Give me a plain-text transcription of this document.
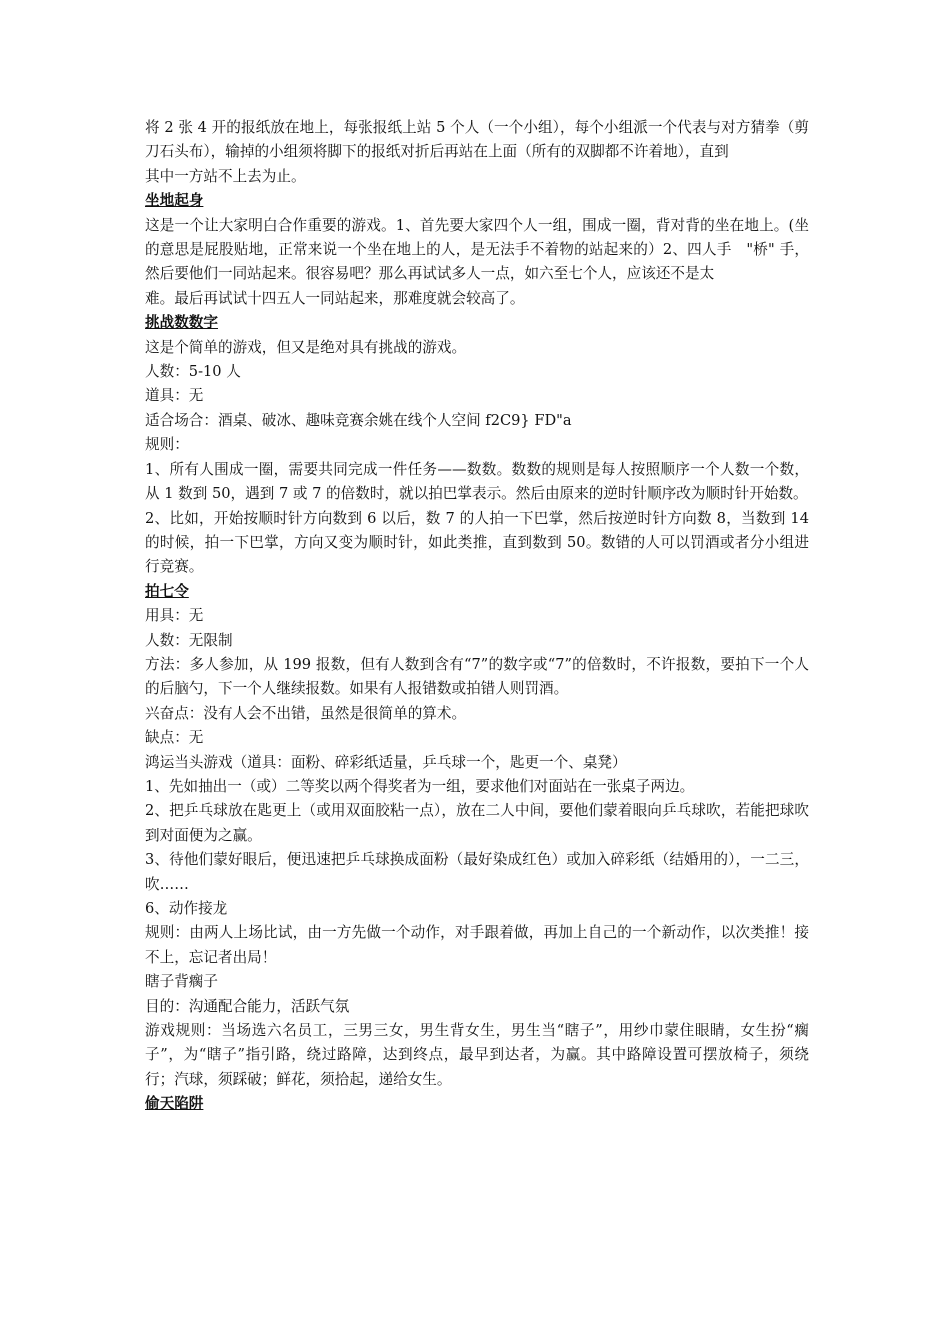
将 2 张 4 开的报纸放在地上，每张报纸上站 5 个人（一个小组），每个小组派一个代表与对方猜拳（剪刀石头布），输掉的小组须将脚下的报纸对折后再站在上面（所有的双脚都不许着地），直到

其中一方站不上去为止。

坐地起身

这是一个让大家明白合作重要的游戏。1、首先要大家四个人一组，围成一圈，背对背的坐在地上。(坐的意思是屁股贴地，正常来说一个坐在地上的人，是无法手不着物的站起来的）2、四人手　"桥" 手，然后要他们一同站起来。很容易吧？那么再试试多人一点，如六至七个人，应该还不是太

难。最后再试试十四五人一同站起来，那难度就会较高了。

挑战数数字

这是个简单的游戏，但又是绝对具有挑战的游戏。

人数：5-10 人

道具：无

适合场合：酒桌、破冰、趣味竞赛余姚在线个人空间 f2C9} FD"a

规则：

1、所有人围成一圈，需要共同完成一件任务——数数。数数的规则是每人按照顺序一个人数一个数，从 1 数到 50，遇到 7 或 7 的倍数时，就以拍巴掌表示。然后由原来的逆时针顺序改为顺时针开始数。

2、比如，开始按顺时针方向数到 6 以后，数 7 的人拍一下巴掌，然后按逆时针方向数 8，当数到 14 的时候，拍一下巴掌，方向又变为顺时针，如此类推，直到数到 50。数错的人可以罚酒或者分小组进行竞赛。

拍七令

用具：无

人数：无限制

方法：多人参加，从 199 报数，但有人数到含有“7”的数字或“7”的倍数时，不许报数，要拍下一个人的后脑勺，下一个人继续报数。如果有人报错数或拍错人则罚酒。

兴奋点：没有人会不出错，虽然是很简单的算术。

缺点：无

鸿运当头游戏（道具：面粉、碎彩纸适量，乒乓球一个，匙更一个、桌凳）

1、先如抽出一（或）二等奖以两个得奖者为一组，要求他们对面站在一张桌子两边。

2、把乒乓球放在匙更上（或用双面胶粘一点），放在二人中间，要他们蒙着眼向乒乓球吹，若能把球吹到对面便为之赢。

3、待他们蒙好眼后，便迅速把乒乓球换成面粉（最好染成红色）或加入碎彩纸（结婚用的），一二三，吹……

6、动作接龙

规则：由两人上场比试，由一方先做一个动作，对手跟着做，再加上自己的一个新动作，以次类推！接不上，忘记者出局！

瞎子背瘸子

目的：沟通配合能力，活跃气氛

游戏规则：当场选六名员工，三男三女，男生背女生，男生当“瞎子”，用纱巾蒙住眼睛，女生扮“瘸子”，为“瞎子”指引路，绕过路障，达到终点，最早到达者，为赢。其中路障设置可摆放椅子，须绕行；汽球，须踩破；鲜花，须拾起，递给女生。

偷天陷阱
